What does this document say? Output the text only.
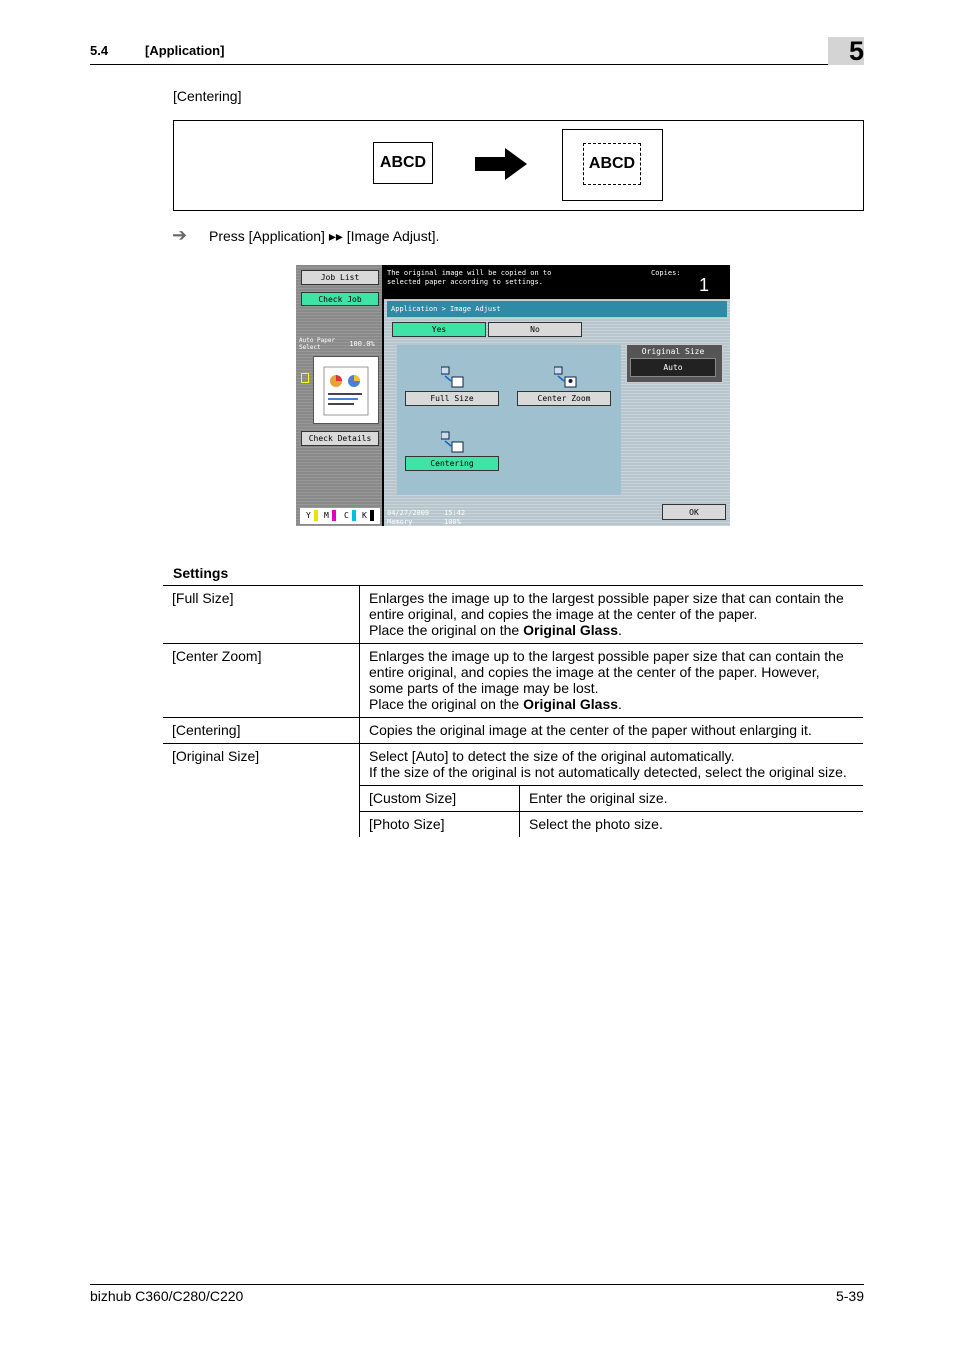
5.4	[Application]	5
[Centering]
ABCD	ABCD
➔ Press [Application] ▸▸ [Image Adjust].
Job List
Check Job
Auto Paper Select	100.0%
Check Details
Y M C K
The original image will be copied on to
selected paper according to settings.
Copies:
1
Application > Image Adjust
Yes	No
Full Size	Center Zoom
Centering
Original Size
Auto
04/27/2009 15:42
Memory	100%
OK
Settings
[Full Size]	Enlarges the image up to the largest possible paper size that can contain the entire original, and copies the image at the center of the paper.
Place the original on the Original Glass.	

[Center Zoom]	Enlarges the image up to the largest possible paper size that can contain the entire original, and copies the image at the center of the paper. However, some parts of the image may be lost.
Place the original on the Original Glass.	

[Centering]	Copies the original image at the center of the paper without enlarging it.	
[Original Size]	Select [Auto] to detect the size of the original automatically.
If the size of the original is not automatically detected, select the original size.	

	[Custom Size]	Enter the original size.
	[Photo Size]	Select the photo size.
bizhub C360/C280/C220	5-39
